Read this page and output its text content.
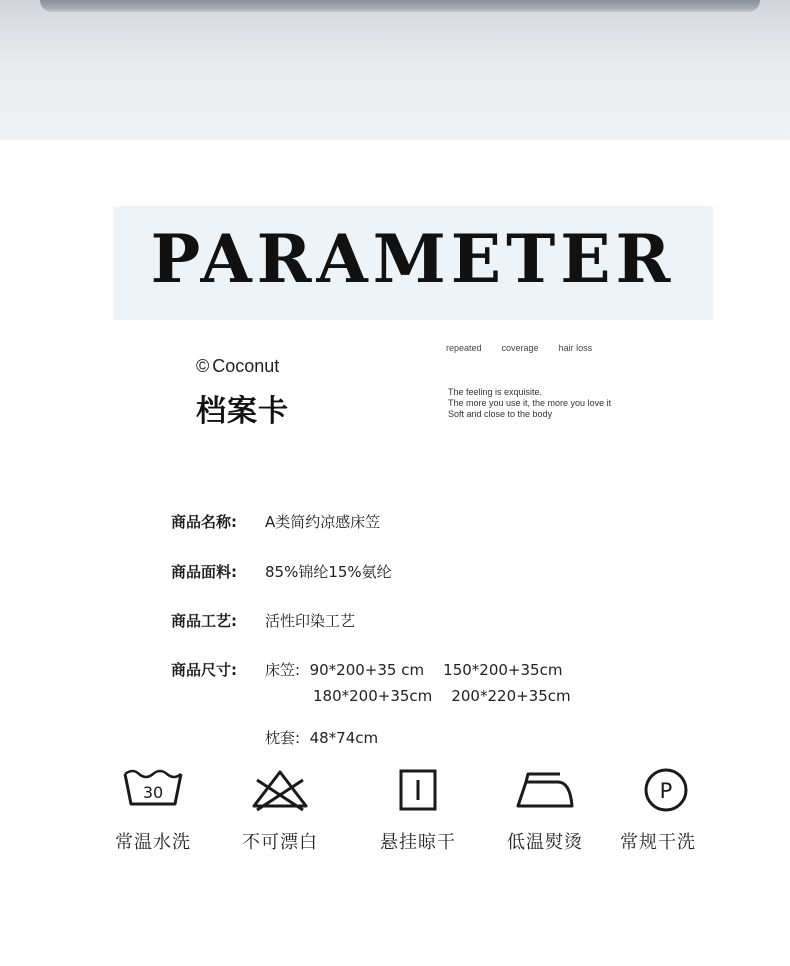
PARAMETER
© Coconut
档案卡
repeated coverage hair loss
The feeling is exquisite.
The more you use it, the more you love it
Soft and close to the body
商品名称: A类简约凉感床笠
商品面料: 85%锦纶15%氨纶
商品工艺: 活性印染工艺
商品尺寸: 床笠:  90*200+35 cm    150*200+35cm
180*200+35cm    200*220+35cm
枕套:  48*74cm
30
常温水洗	不可漂白	悬挂晾干	低温熨烫
P
常规干洗
